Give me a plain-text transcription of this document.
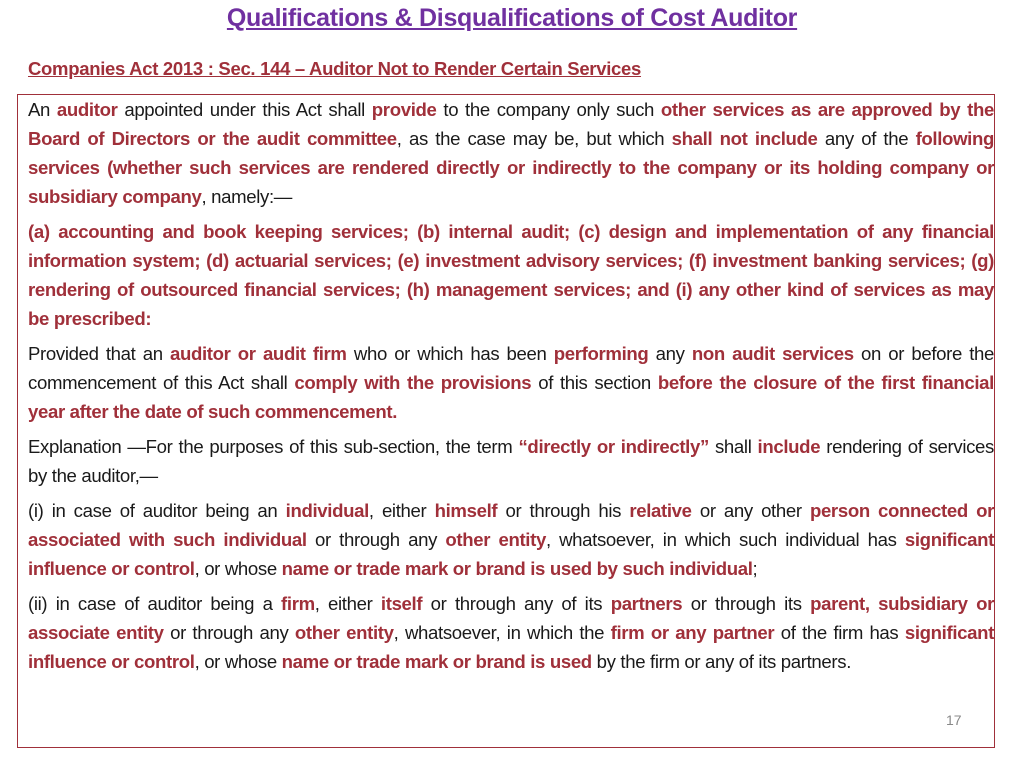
Qualifications & Disqualifications of Cost Auditor
Companies Act 2013 : Sec. 144 – Auditor Not to Render Certain Services

An auditor appointed under this Act shall provide to the company only such other services as are approved by the Board of Directors or the audit committee, as the case may be, but which shall not include any of the following services (whether such services are rendered directly or indirectly to the company or its holding company or subsidiary company, namely:—

(a) accounting and book keeping services; (b) internal audit; (c) design and implementation of any financial information system; (d) actuarial services; (e) investment advisory services; (f) investment banking services; (g) rendering of outsourced financial services; (h) management services; and (i) any other kind of services as may be prescribed:

Provided that an auditor or audit firm who or which has been performing any non audit services on or before the commencement of this Act shall comply with the provisions of this section before the closure of the first financial year after the date of such commencement.

Explanation —For the purposes of this sub-section, the term “directly or indirectly” shall include rendering of services by the auditor,—

(i) in case of auditor being an individual, either himself or through his relative or any other person connected or associated with such individual or through any other entity, whatsoever, in which such individual has significant influence or control, or whose name or trade mark or brand is used by such individual;

(ii) in case of auditor being a firm, either itself or through any of its partners or through its parent, subsidiary or associate entity or through any other entity, whatsoever, in which the firm or any partner of the firm has significant influence or control, or whose name or trade mark or brand is used by the firm or any of its partners.

17
